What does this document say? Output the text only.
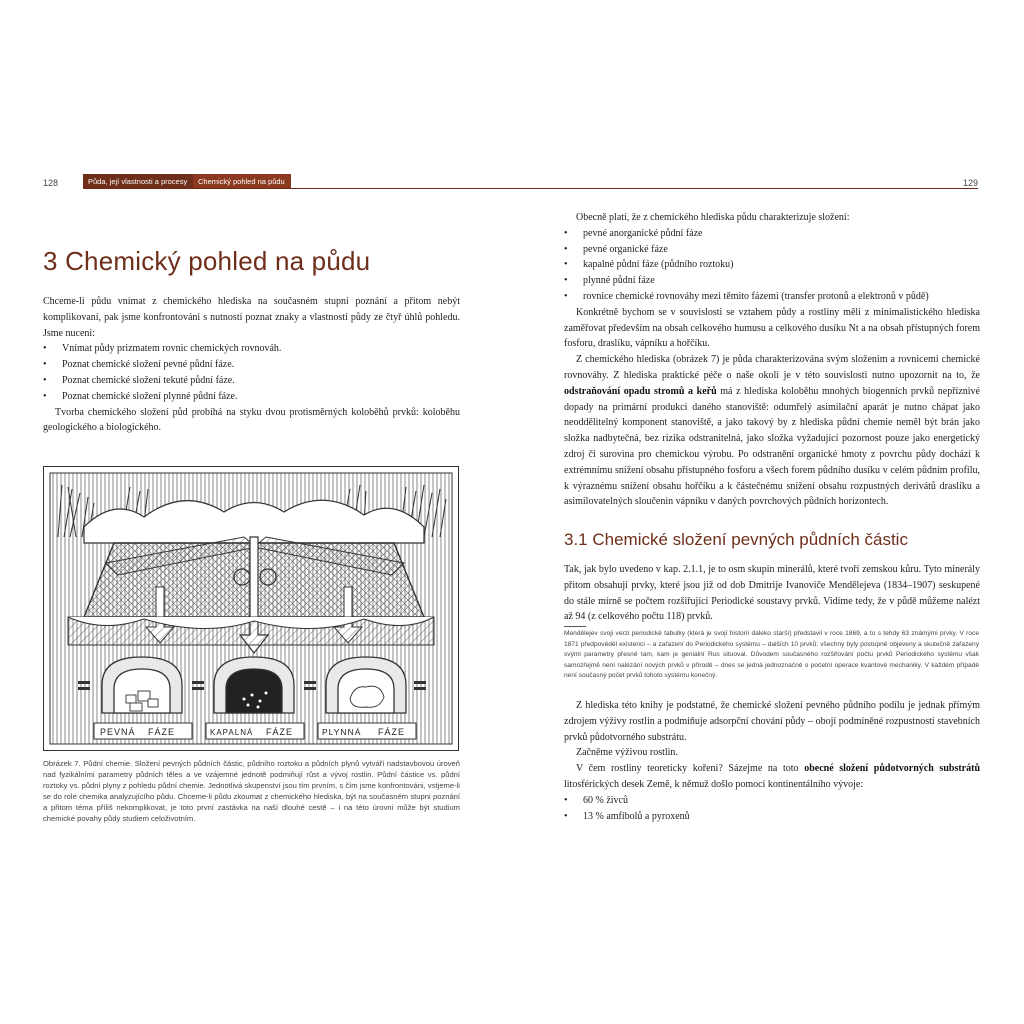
128	Půda, její vlastnosti a procesy	Chemický pohled na půdu	129
3 Chemický pohled na půdu

Chceme-li půdu vnímat z chemického hlediska na současném stupni poznání a přitom nebýt komplikovaní, pak jsme konfrontováni s nutností poznat znaky a vlastnosti půdy ze čtyř úhlů pohledu. Jsme nuceni:

• Vnímat půdy prizmatem rovnic chemických rovnováh.
• Poznat chemické složení pevné půdní fáze.
• Poznat chemické složení tekuté půdní fáze.
• Poznat chemické složení plynné půdní fáze.

Tvorba chemického složení půd probíhá na styku dvou protisměrných koloběhů prvků: koloběhu geologického a biologického.

PEVNÁ FÁZE	KAPALNÁ FÁZE	PLYNNÁ FÁZE
Obrázek 7. Půdní chemie. Složení pevných půdních částic, půdního roztoku a půdních plynů vytváří nadstavbovou úroveň nad fyzikálními parametry půdních těles a ve vzájemné jednotě podmiňují růst a vývoj rostlin. Půdní částice vs. půdní roztoky vs. půdní plyny z pohledu půdní chemie. Jednotlivá skupenství jsou tím prvním, s čím jsme konfrontováni, vstjeme-li se do role chemika analyzujícího půdu. Chceme-li půdu zkoumat z chemického hlediska, být na současném stupni poznání a přitom téma příliš nekomplikovat, je toto první zastávka na naší dlouhé cestě – i na této úrovni může být studium chemické povahy půdy studiem celoživotním.

Obecně platí, že z chemického hlediska půdu charakterizuje složení:

• pevné anorganické půdní fáze
• pevné organické fáze
• kapalné půdní fáze (půdního roztoku)
• plynné půdní fáze
• rovnice chemické rovnováhy mezi těmito fázemi (transfer protonů a elektronů v půdě)

Konkrétně bychom se v souvislosti se vztahem půdy a rostliny měli z minimalistického hlediska zaměřovat především na obsah celkového humusu a celkového dusíku Nt a na obsah přístupných forem fosforu, draslíku, vápníku a hořčíku.

Z chemického hlediska (obrázek 7) je půda charakterizována svým složením a rovnicemi chemické rovnováhy. Z hlediska praktické péče o naše okolí je v této souvislosti nutno upozornit na to, že odstraňování opadu stromů a keřů má z hlediska koloběhu mnohých biogenních prvků nepříznivé dopady na primární produkci daného stanoviště: odumřelý asimilační aparát je nutno chápat jako neoddělitelný komponent stanoviště, a jako takový by z hlediska půdní chemie neměl být brán jako složka nadbytečná, bez rizika odstranitelná, jako složka vyžadující pozornost pouze jako energetický zdroj či surovina pro chemickou výrobu. Po odstranění organické hmoty z povrchu půdy dochází k extrémnímu snížení obsahu přístupného fosforu a všech forem půdního dusíku v celém půdním profilu, k výraznému snížení obsahu hořčíku a k částečnému snížení obsahu rozpustných derivátů draslíku a asimilovatelných sloučenin vápníku v daných povrchových půdních horizontech.

3.1 Chemické složení pevných půdních částic

Tak, jak bylo uvedeno v kap. 2.1.1, je to osm skupin minerálů, které tvoří zemskou kůru. Tyto minerály přitom obsahují prvky, které jsou již od dob Dmitrije Ivanoviče Mendělejeva (1834–1907) seskupené do stále mírně se počtem rozšiřující Periodické soustavy prvků. Vidíme tedy, že v půdě můžeme nalézt až 94 (z celkového počtu 118) prvků.

Mendělejev svoji verzi periodické tabulky (která je svojí historií daleko starší) představil v roce 1869, a to s tehdy 63 známými prvky. V roce 1871 předpověděl existenci – a zařazení do Periodického systému – dalších 10 prvků; všechny byly postupně objeveny a skutečně zařazeny svými parametry přesně tam, kam je genialní Rus situoval. Důvodem současného rozšiřování počtu prvků Periodického systému však samozřejmě není nalézání nových prvků v přírodě – dnes se jedná jednoznačně o početní operace kvantové mechaniky. V každém případě není současný počet prvků tohoto systému konečný.

Z hlediska této knihy je podstatné, že chemické složení pevného půdního podílu je jednak přímým zdrojem výživy rostlin a podmiňuje adsorpční chování půdy – obojí podmíněné rozpustností stavebních prvků půdotvorného substrátu.

Začněme výživou rostlin.

V čem rostliny teoreticky kořeni? Sázejme na toto obecné složení půdotvorných substrátů litosférických desek Země, k němuž došlo pomocí kontinentálního vývoje:

• 60 % živců
• 13 % amfibolů a pyroxenů
